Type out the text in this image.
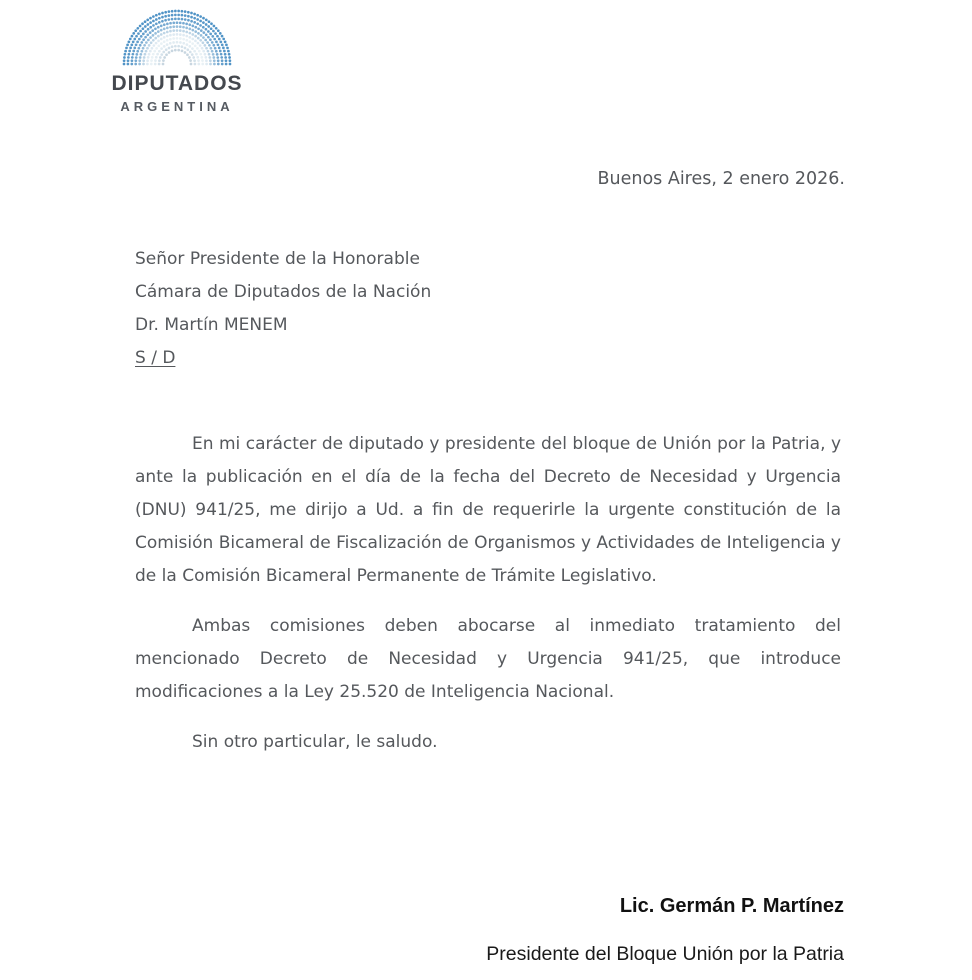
DIPUTADOS
ARGENTINA
Buenos Aires, 2 enero 2026.
Señor Presidente de la Honorable
Cámara de Diputados de la Nación
Dr. Martín MENEM
S / D

En mi carácter de diputado y presidente del bloque de Unión por la Patria, y ante la publicación en el día de la fecha del Decreto de Necesidad y Urgencia (DNU) 941/25, me dirijo a Ud. a fin de requerirle la urgente constitución de la Comisión Bicameral de Fiscalización de Organismos y Actividades de Inteligencia y de la Comisión Bicameral Permanente de Trámite Legislativo.

Ambas comisiones deben abocarse al inmediato tratamiento del mencionado Decreto de Necesidad y Urgencia 941/25, que introduce modificaciones a la Ley 25.520 de Inteligencia Nacional.

Sin otro particular, le saludo.

Lic. Germán P. Martínez
Presidente del Bloque Unión por la Patria
